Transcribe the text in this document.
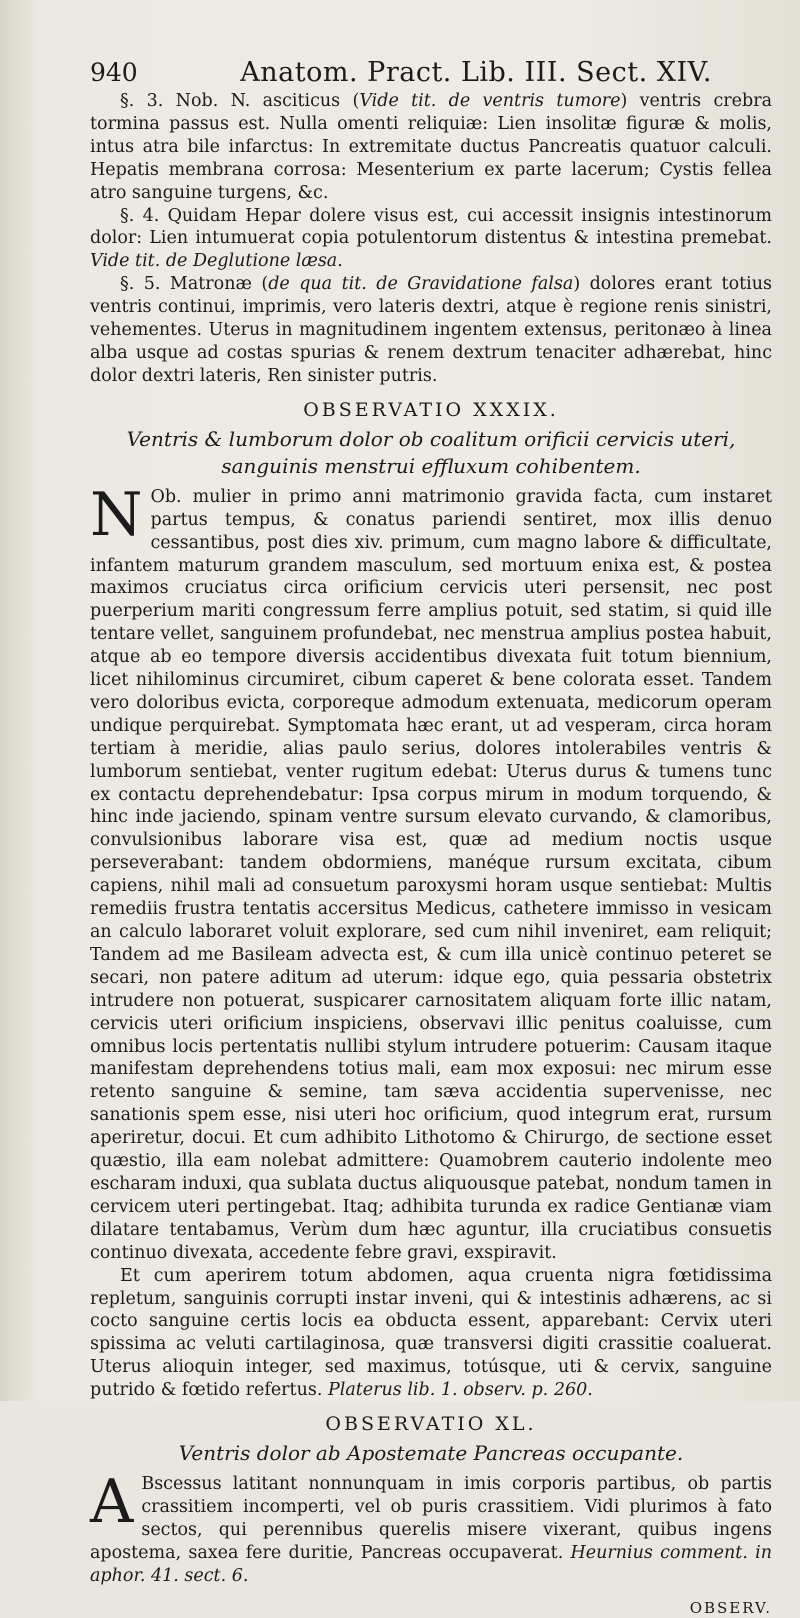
940	Anatom. Pract. Lib. III. Sect. XIV.

§. 3. Nob. N. asciticus (Vide tit. de ventris tumore) ventris crebra tormina passus est. Nulla omenti reliquiæ: Lien insolitæ figuræ & molis, intus atra bile infarctus: In extremitate ductus Pancreatis quatuor calculi. Hepatis membrana corrosa: Mesenterium ex parte lacerum; Cystis fellea atro sanguine turgens, &c.

§. 4. Quidam Hepar dolere visus est, cui accessit insignis intestinorum dolor: Lien intumuerat copia potulentorum distentus & intestina premebat. Vide tit. de Deglutione læsa.

§. 5. Matronæ (de qua tit. de Gravidatione falsa) dolores erant totius ventris continui, imprimis, vero lateris dextri, atque è regione renis sinistri, vehementes. Uterus in magnitudinem ingentem extensus, peritonæo à linea alba usque ad costas spurias & renem dextrum tenaciter adhærebat, hinc dolor dextri lateris, Ren sinister putris.

OBSERVATIO XXXIX.
Ventris & lumborum dolor ob coalitum orificii cervicis uteri, sanguinis menstrui effluxum cohibentem.
N Ob. mulier in primo anni matrimonio gravida facta, cum instaret partus tempus, & conatus pariendi sentiret, mox illis denuo cessantibus, post dies xiv. primum, cum magno labore & difficultate, infantem maturum grandem masculum, sed mortuum enixa est, & postea maximos cruciatus circa orificium cervicis uteri persensit, nec post puerperium mariti congressum ferre amplius potuit, sed statim, si quid ille tentare vellet, sanguinem profundebat, nec menstrua amplius postea habuit, atque ab eo tempore diversis accidentibus divexata fuit totum biennium, licet nihilominus circumiret, cibum caperet & bene colorata esset. Tandem vero doloribus evicta, corporeque admodum extenuata, medicorum operam undique perquirebat. Symptomata hæc erant, ut ad vesperam, circa horam tertiam à meridie, alias paulo serius, dolores intolerabiles ventris & lumborum sentiebat, venter rugitum edebat: Uterus durus & tumens tunc ex contactu deprehendebatur: Ipsa corpus mirum in modum torquendo, & hinc inde jaciendo, spinam ventre sursum elevato curvando, & clamoribus, convulsionibus laborare visa est, quæ ad medium noctis usque perseverabant: tandem obdormiens, manéque rursum excitata, cibum capiens, nihil mali ad consuetum paroxysmi horam usque sentiebat: Multis remediis frustra tentatis accersitus Medicus, cathetere immisso in vesicam an calculo laboraret voluit explorare, sed cum nihil inveniret, eam reliquit; Tandem ad me Basileam advecta est, & cum illa unicè continuo peteret se secari, non patere aditum ad uterum: idque ego, quia pessaria obstetrix intrudere non potuerat, suspicarer carnositatem aliquam forte illic natam, cervicis uteri orificium inspiciens, observavi illic penitus coaluisse, cum omnibus locis pertentatis nullibi stylum intrudere potuerim: Causam itaque manifestam deprehendens totius mali, eam mox exposui: nec mirum esse retento sanguine & semine, tam sæva accidentia supervenisse, nec sanationis spem esse, nisi uteri hoc orificium, quod integrum erat, rursum aperiretur, docui. Et cum adhibito Lithotomo & Chirurgo, de sectione esset quæstio, illa eam nolebat admittere: Quamobrem cauterio indolente meo escharam induxi, qua sublata ductus aliquousque patebat, nondum tamen in cervicem uteri pertingebat. Itaq; adhibita turunda ex radice Gentianæ viam dilatare tentabamus, Verùm dum hæc aguntur, illa cruciatibus consuetis continuo divexata, accedente febre gravi, exspiravit.

Et cum aperirem totum abdomen, aqua cruenta nigra fœtidissima repletum, sanguinis corrupti instar inveni, qui & intestinis adhærens, ac si cocto sanguine certis locis ea obducta essent, apparebant: Cervix uteri spissima ac veluti cartilaginosa, quæ transversi digiti crassitie coaluerat. Uterus alioquin integer, sed maximus, totúsque, uti & cervix, sanguine putrido & fœtido refertus. Platerus lib. 1. observ. p. 260.

OBSERVATIO XL.
Ventris dolor ab Apostemate Pancreas occupante.
A Bscessus latitant nonnunquam in imis corporis partibus, ob partis crassitiem incomperti, vel ob puris crassitiem. Vidi plurimos à fato sectos, qui perennibus querelis misere vixerant, quibus ingens apostema, saxea fere duritie, Pancreas occupaverat. Heurnius comment. in aphor. 41. sect. 6.

OBSERV.
